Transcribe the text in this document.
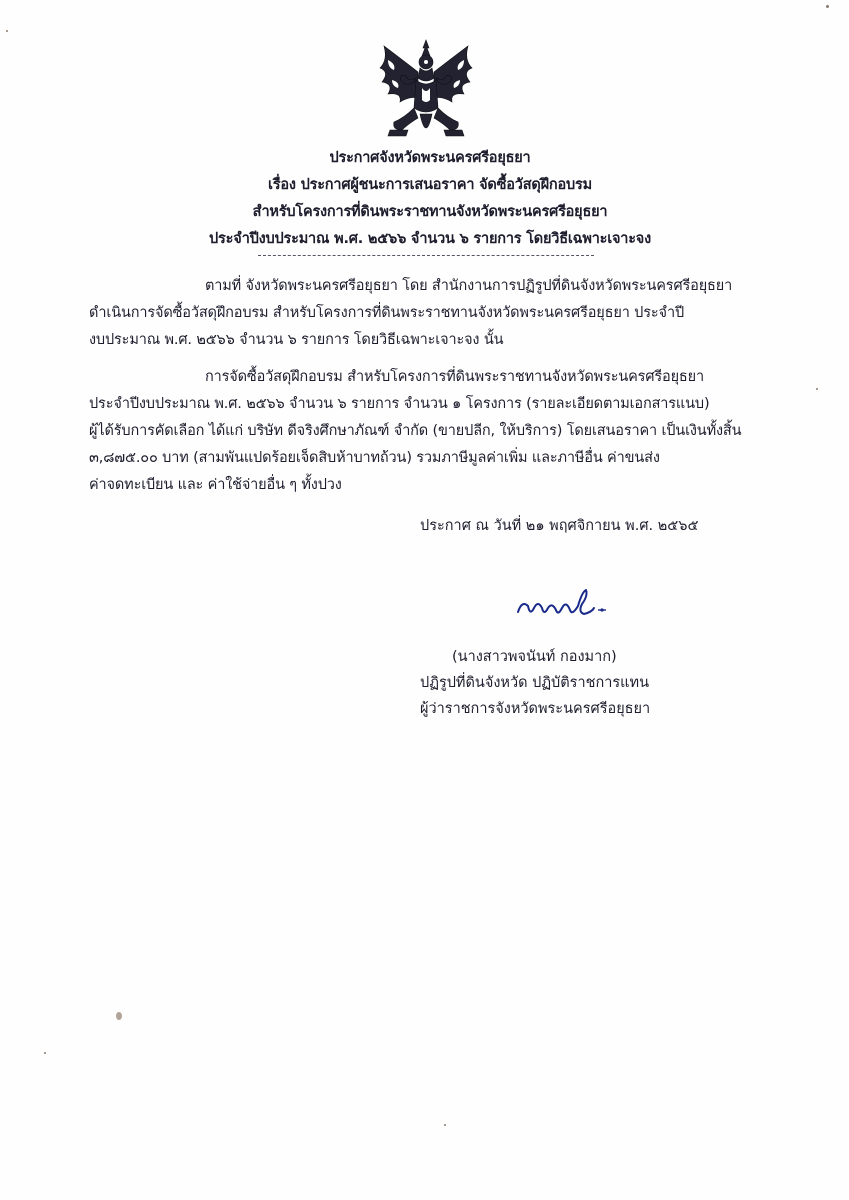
ประกาศจังหวัดพระนครศรีอยุธยา
เรื่อง ประกาศผู้ชนะการเสนอราคา จัดซื้อวัสดุฝึกอบรม
สำหรับโครงการที่ดินพระราชทานจังหวัดพระนครศรีอยุธยา
ประจำปีงบประมาณ พ.ศ. ๒๕๖๖ จำนวน ๖ รายการ โดยวิธีเฉพาะเจาะจง
ตามที่ จังหวัดพระนครศรีอยุธยา โดย สำนักงานการปฏิรูปที่ดินจังหวัดพระนครศรีอยุธยา
ดำเนินการจัดซื้อวัสดุฝึกอบรม สำหรับโครงการที่ดินพระราชทานจังหวัดพระนครศรีอยุธยา ประจำปี
งบประมาณ พ.ศ. ๒๕๖๖ จำนวน ๖ รายการ โดยวิธีเฉพาะเจาะจง นั้น
การจัดซื้อวัสดุฝึกอบรม สำหรับโครงการที่ดินพระราชทานจังหวัดพระนครศรีอยุธยา
ประจำปีงบประมาณ พ.ศ. ๒๕๖๖ จำนวน ๖ รายการ จำนวน ๑ โครงการ (รายละเอียดตามเอกสารแนบ)
ผู้ได้รับการคัดเลือก ได้แก่ บริษัท ดีจริงศึกษาภัณฑ์ จำกัด (ขายปลีก, ให้บริการ) โดยเสนอราคา เป็นเงินทั้งสิ้น
๓,๘๗๕.๐๐ บาท (สามพันแปดร้อยเจ็ดสิบห้าบาทถ้วน) รวมภาษีมูลค่าเพิ่ม และภาษีอื่น ค่าขนส่ง
ค่าจดทะเบียน และ ค่าใช้จ่ายอื่น ๆ ทั้งปวง
ประกาศ ณ วันที่ ๒๑ พฤศจิกายน พ.ศ. ๒๕๖๕
(นางสาวพจนันท์ กองมาก)
ปฏิรูปที่ดินจังหวัด ปฏิบัติราชการแทน
ผู้ว่าราชการจังหวัดพระนครศรีอยุธยา
